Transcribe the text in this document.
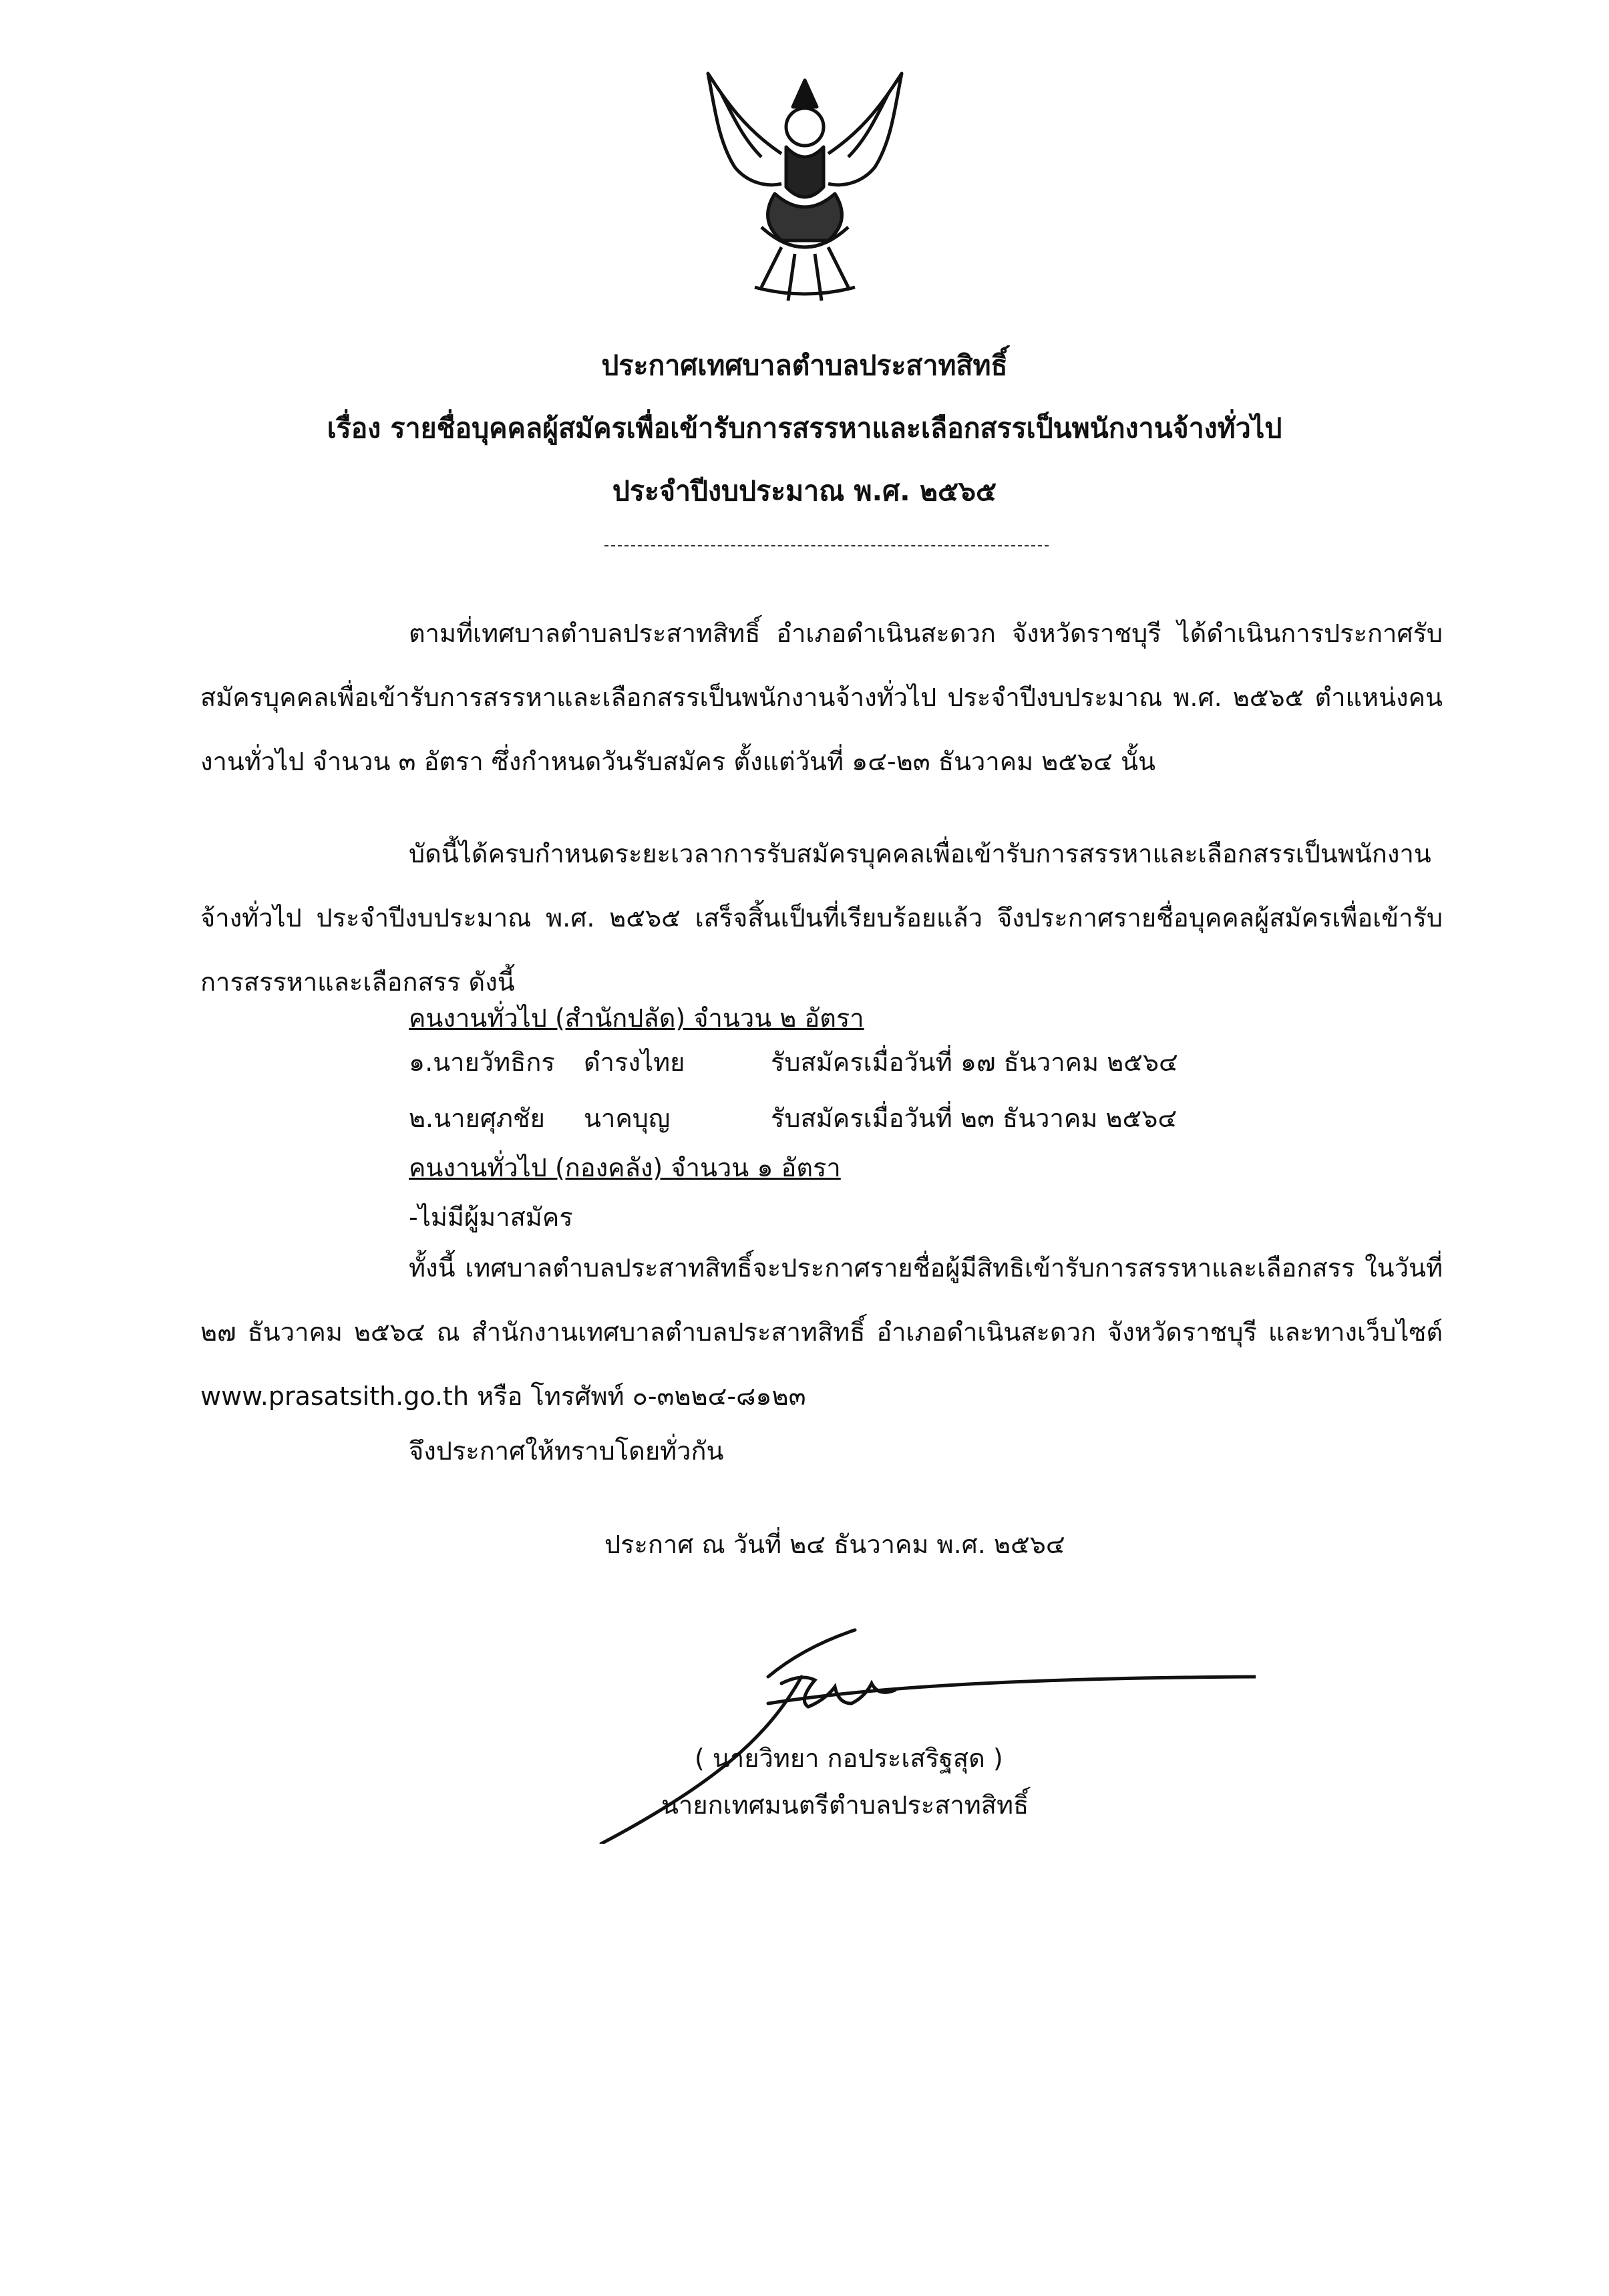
ประกาศเทศบาลตำบลประสาทสิทธิ์
เรื่อง รายชื่อบุคคลผู้สมัครเพื่อเข้ารับการสรรหาและเลือกสรรเป็นพนักงานจ้างทั่วไป
ประจำปีงบประมาณ พ.ศ. ๒๕๖๕

ตามที่เทศบาลตำบลประสาทสิทธิ์ อำเภอดำเนินสะดวก จังหวัดราชบุรี ได้ดำเนินการประกาศรับสมัครบุคคลเพื่อเข้ารับการสรรหาและเลือกสรรเป็นพนักงานจ้างทั่วไป ประจำปีงบประมาณ พ.ศ. ๒๕๖๕ ตำแหน่งคนงานทั่วไป จำนวน ๓ อัตรา ซึ่งกำหนดวันรับสมัคร ตั้งแต่วันที่ ๑๔-๒๓ ธันวาคม ๒๕๖๔ นั้น

บัดนี้ได้ครบกำหนดระยะเวลาการรับสมัครบุคคลเพื่อเข้ารับการสรรหาและเลือกสรรเป็นพนักงานจ้างทั่วไป ประจำปีงบประมาณ พ.ศ. ๒๕๖๕ เสร็จสิ้นเป็นที่เรียบร้อยแล้ว จึงประกาศรายชื่อบุคคลผู้สมัครเพื่อเข้ารับการสรรหาและเลือกสรร ดังนี้

คนงานทั่วไป (สำนักปลัด) จำนวน ๒ อัตรา
๑.นายวัทธิกร ดำรงไทย	รับสมัครเมื่อวันที่ ๑๗ ธันวาคม ๒๕๖๔
๒.นายศุภชัย นาคบุญ	รับสมัครเมื่อวันที่ ๒๓ ธันวาคม ๒๕๖๔
คนงานทั่วไป (กองคลัง) จำนวน ๑ อัตรา
-ไม่มีผู้มาสมัคร

ทั้งนี้ เทศบาลตำบลประสาทสิทธิ์จะประกาศรายชื่อผู้มีสิทธิเข้ารับการสรรหาและเลือกสรร ในวันที่ ๒๗ ธันวาคม ๒๕๖๔ ณ สำนักงานเทศบาลตำบลประสาทสิทธิ์ อำเภอดำเนินสะดวก จังหวัดราชบุรี และทางเว็บไซต์ www.prasatsith.go.th หรือ โทรศัพท์ ๐-๓๒๒๔-๘๑๒๓

จึงประกาศให้ทราบโดยทั่วกัน
ประกาศ ณ วันที่ ๒๔ ธันวาคม พ.ศ. ๒๕๖๔
( นายวิทยา กอประเสริฐสุด )
นายกเทศมนตรีตำบลประสาทสิทธิ์
